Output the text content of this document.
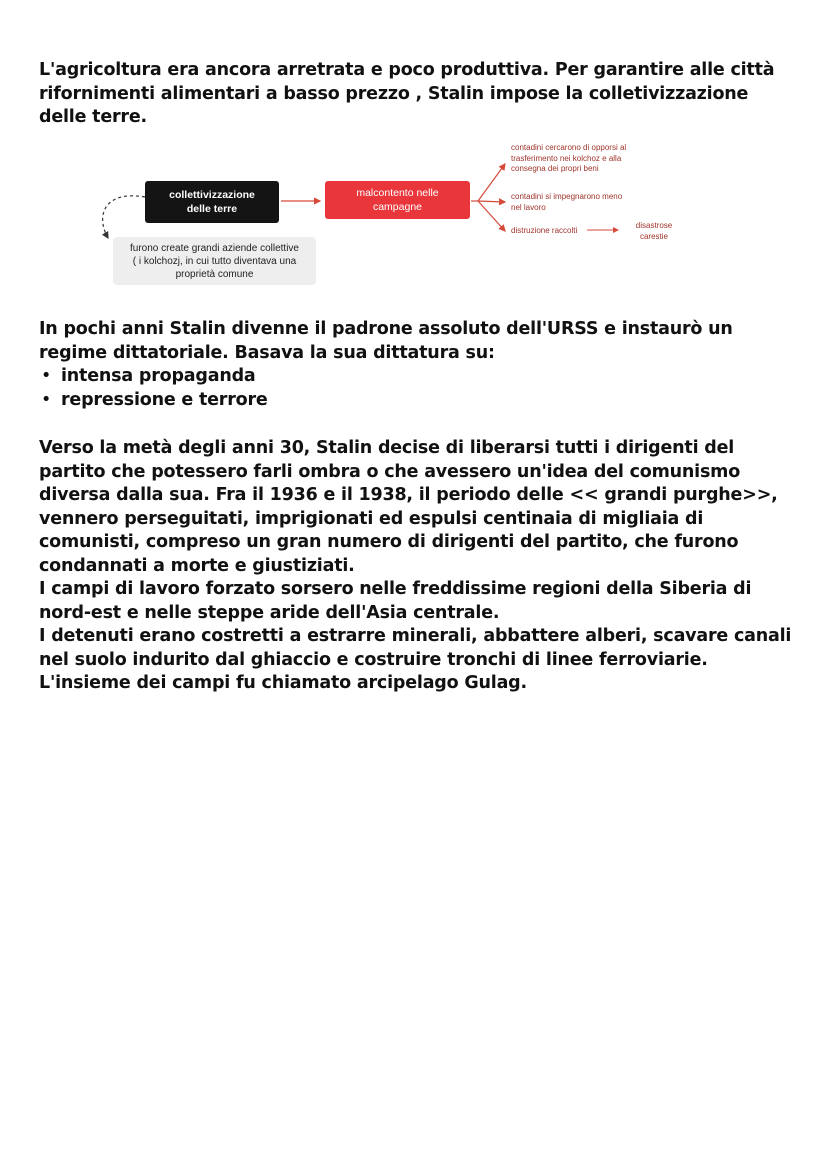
L'agricoltura era ancora arretrata e poco produttiva. Per garantire alle città rifornimenti alimentari a basso prezzo , Stalin impose la colletivizzazione delle terre.

collettivizzazione delle terre
malcontento nelle campagne
furono create grandi aziende collettive ( i kolchozj, in cui tutto diventava una proprietà comune
contadini cercarono di opporsi al trasferimento nei kolchoz e alla consegna dei propri beni
contadini si impegnarono meno nel lavoro
distruzione raccolti
disastrose carestie

In pochi anni Stalin divenne il padrone assoluto dell'URSS e instaurò un regime dittatoriale. Basava la sua dittatura su:

• intensa propaganda
• repressione e terrore

Verso la metà degli anni 30, Stalin decise di liberarsi tutti i dirigenti del partito che potessero farli ombra o che avessero un'idea del comunismo diversa dalla sua. Fra il 1936 e il 1938, il periodo delle << grandi purghe>>, vennero perseguitati, imprigionati ed espulsi centinaia di migliaia di comunisti, compreso un gran numero di dirigenti del partito, che furono condannati a morte e giustiziati.

I campi di lavoro forzato sorsero nelle freddissime regioni della Siberia di nord-est e nelle steppe aride dell'Asia centrale.

I detenuti erano costretti a estrarre minerali, abbattere alberi, scavare canali nel suolo indurito dal ghiaccio e costruire tronchi di linee ferroviarie.

L'insieme dei campi fu chiamato arcipelago Gulag.
